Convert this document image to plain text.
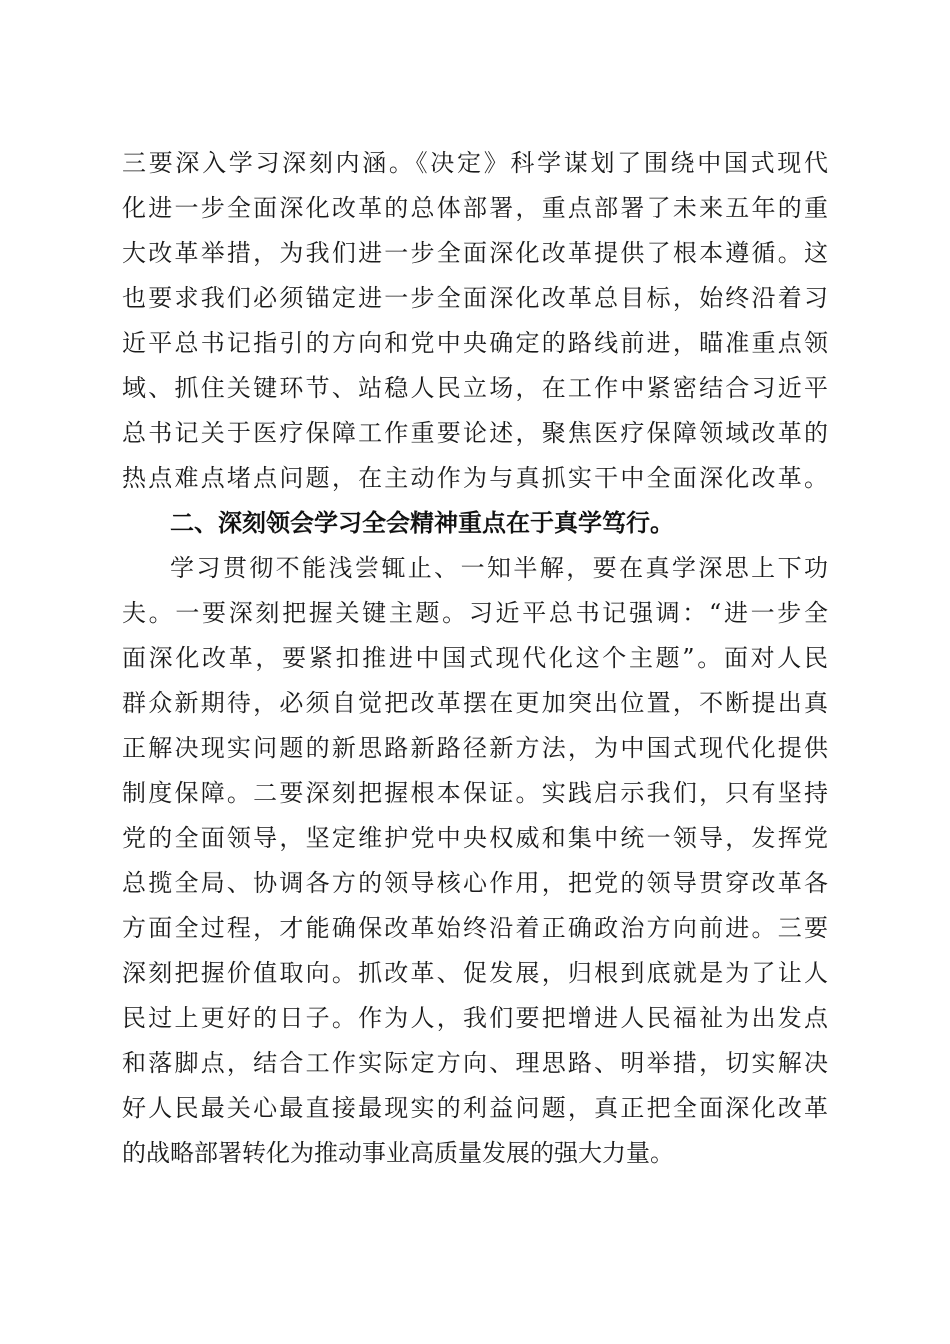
三要深入学习深刻内涵。《决定》科学谋划了围绕中国式现代
化进一步全面深化改革的总体部署，重点部署了未来五年的重
大改革举措，为我们进一步全面深化改革提供了根本遵循。这
也要求我们必须锚定进一步全面深化改革总目标，始终沿着习
近平总书记指引的方向和党中央确定的路线前进，瞄准重点领
域、抓住关键环节、站稳人民立场，在工作中紧密结合习近平
总书记关于医疗保障工作重要论述，聚焦医疗保障领域改革的
热点难点堵点问题，在主动作为与真抓实干中全面深化改革。
二、深刻领会学习全会精神重点在于真学笃行。
学习贯彻不能浅尝辄止、一知半解，要在真学深思上下功
夫。一要深刻把握关键主题。习近平总书记强调：“进一步全
面深化改革，要紧扣推进中国式现代化这个主题”。面对人民
群众新期待，必须自觉把改革摆在更加突出位置，不断提出真
正解决现实问题的新思路新路径新方法，为中国式现代化提供
制度保障。二要深刻把握根本保证。实践启示我们，只有坚持
党的全面领导，坚定维护党中央权威和集中统一领导，发挥党
总揽全局、协调各方的领导核心作用，把党的领导贯穿改革各
方面全过程，才能确保改革始终沿着正确政治方向前进。三要
深刻把握价值取向。抓改革、促发展，归根到底就是为了让人
民过上更好的日子。作为人，我们要把增进人民福祉为出发点
和落脚点，结合工作实际定方向、理思路、明举措，切实解决
好人民最关心最直接最现实的利益问题，真正把全面深化改革
的战略部署转化为推动事业高质量发展的强大力量。
